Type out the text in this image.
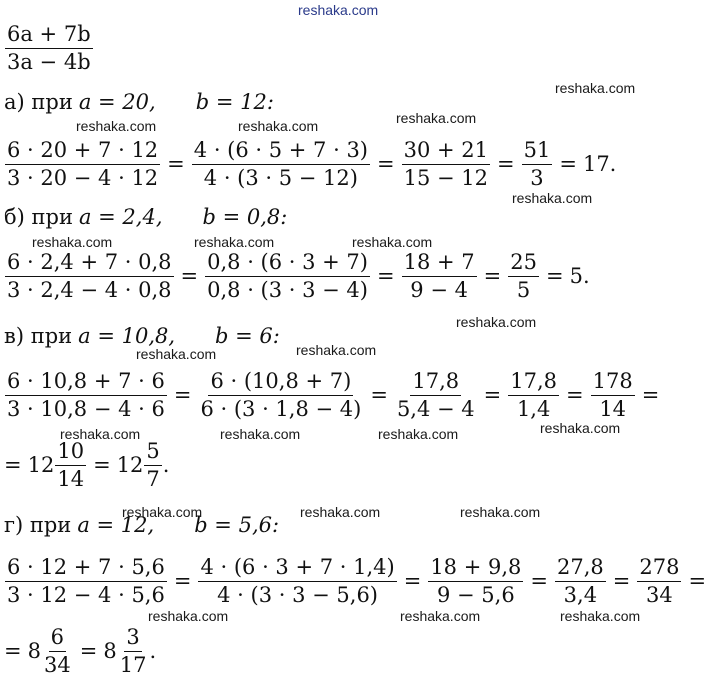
reshaka.com
$\frac{6a + 7b}{3a - 4b}$
а) при a = 20, b = 12:
$\frac{6 \cdot 20 + 7 \cdot 12}{3 \cdot 20 - 4 \cdot 12} = \frac{4 \cdot (6 \cdot 5 + 7 \cdot 3)}{4 \cdot (3 \cdot 5 - 12)} = \frac{30 + 21}{15 - 12} = \frac{51}{3} = 17$.
б) при a = 2,4, b = 0,8:
$\frac{6 \cdot 2,4 + 7 \cdot 0,8}{3 \cdot 2,4 - 4 \cdot 0,8} = \frac{0,8 \cdot (6 \cdot 3 + 7)}{0,8 \cdot (3 \cdot 3 - 4)} = \frac{18 + 7}{9 - 4} = \frac{25}{5} = 5$.
в) при a = 10,8, b = 6:
$\frac{6 \cdot 10,8 + 7 \cdot 6}{3 \cdot 10,8 - 4 \cdot 6} = \frac{6 \cdot (10,8 + 7)}{6 \cdot (3 \cdot 1,8 - 4)} = \frac{17,8}{5,4 - 4} = \frac{17,8}{1,4} = \frac{178}{14}$ =
= $12 \frac{10}{14} = 12 \frac{5}{7}$ .
г) при a = 12, b = 5,6:
$\frac{6 \cdot 12 + 7 \cdot 5,6}{3 \cdot 12 - 4 \cdot 5,6} = \frac{4 \cdot (6 \cdot 3 + 7 \cdot 1,4)}{4 \cdot (3 \cdot 3 - 5,6)} = \frac{18 + 9,8}{9 - 5,6} = \frac{27,8}{3,4} = \frac{278}{34}$ =
= $8 \frac{6}{34} = 8 \frac{3}{17}$ .
reshaka.com
reshaka.com	reshaka.com	reshaka.com
reshaka.com
reshaka.com	reshaka.com	reshaka.com
reshaka.com
reshaka.com	reshaka.com
reshaka.com	reshaka.com	reshaka.com	reshaka.com
reshaka.com	reshaka.com	reshaka.com
reshaka.com	reshaka.com	reshaka.com
